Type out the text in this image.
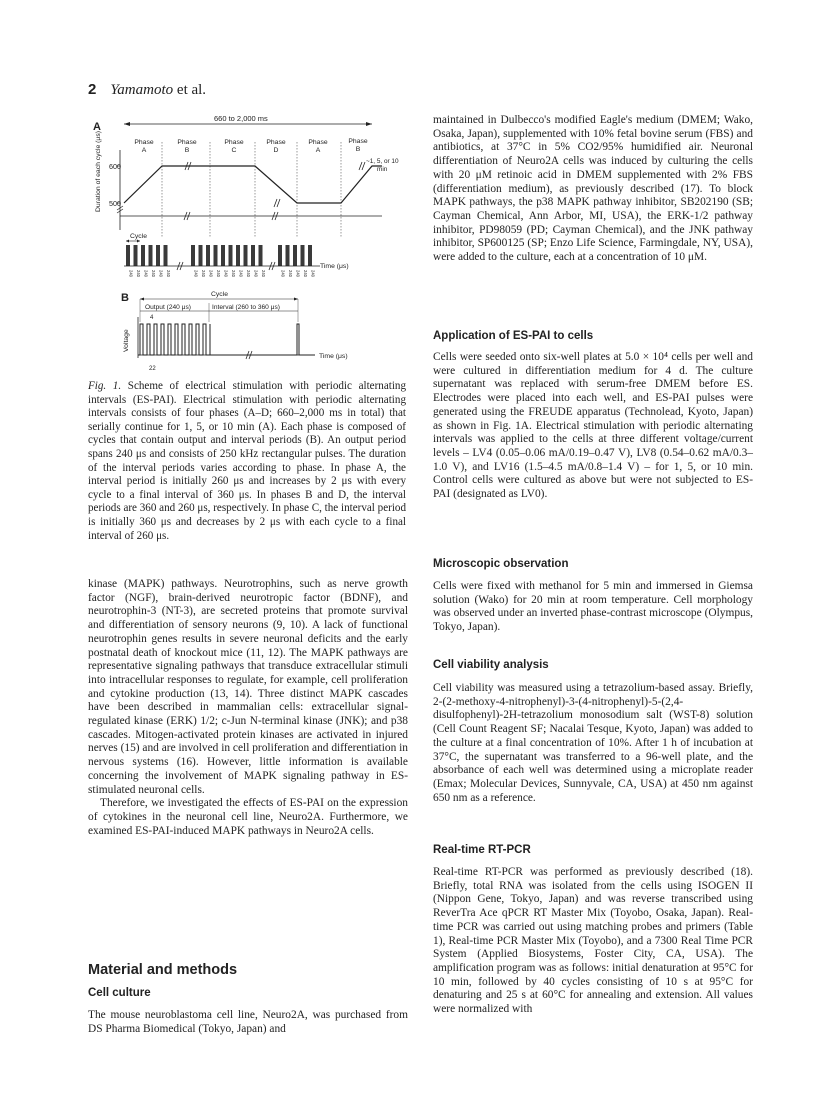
2 Yamamoto et al.
A
660 to 2,000 ms
Phase
A
Phase
B
Phase
C
Phase
D
Phase
A
Phase
B
Duration of each cycle (μs) 600
500
~1, 5, or 10
min
Cycle
Time (μs)
240 240 240 240 240 240	240 240 240 240 240 240 240 240 240 240	240 240 240 240 240
B	Cycle
Output (240 μs)	Interval (260 to 360 μs)
4
Voltage
Time (μs)
22
Fig. 1. Scheme of electrical stimulation with periodic alternating intervals (ES-PAI). Electrical stimulation with periodic alternating intervals consists of four phases (A–D; 660–2,000 ms in total) that serially continue for 1, 5, or 10 min (A). Each phase is composed of cycles that contain output and interval periods (B). An output period spans 240 μs and consists of 250 kHz rectangular pulses. The duration of the interval periods varies according to phase. In phase A, the interval period is initially 260 μs and increases by 2 μs with every cycle to a final interval of 360 μs. In phases B and D, the interval periods are 360 and 260 μs, respectively. In phase C, the interval period is initially 360 μs and decreases by 2 μs with each cycle to a final interval of 260 μs.

kinase (MAPK) pathways. Neurotrophins, such as nerve growth factor (NGF), brain-derived neurotropic factor (BDNF), and neurotrophin-3 (NT-3), are secreted proteins that promote survival and differentiation of sensory neurons (9, 10). A lack of functional neurotrophin genes results in severe neuronal deficits and the early postnatal death of knockout mice (11, 12). The MAPK pathways are representative signaling pathways that transduce extracellular stimuli into intracellular responses to regulate, for example, cell proliferation and cytokine production (13, 14). Three distinct MAPK cascades have been described in mammalian cells: extracellular signal-regulated kinase (ERK) 1/2; c-Jun N-terminal kinase (JNK); and p38 cascades. Mitogen-activated protein kinases are activated in injured nerves (15) and are involved in cell proliferation and differentiation in nervous systems (16). However, little information is available concerning the involvement of MAPK signaling pathway in ES-stimulated neuronal cells.

Therefore, we investigated the effects of ES-PAI on the expression of cytokines in the neuronal cell line, Neuro2A. Furthermore, we examined ES-PAI-induced MAPK pathways in Neuro2A cells.

Material and methods
Cell culture

The mouse neuroblastoma cell line, Neuro2A, was purchased from DS Pharma Biomedical (Tokyo, Japan) and

maintained in Dulbecco's modified Eagle's medium (DMEM; Wako, Osaka, Japan), supplemented with 10% fetal bovine serum (FBS) and antibiotics, at 37°C in 5% CO2/95% humidified air. Neuronal differentiation of Neuro2A cells was induced by culturing the cells with 20 μM retinoic acid in DMEM supplemented with 2% FBS (differentiation medium), as previously described (17). To block MAPK pathways, the p38 MAPK pathway inhibitor, SB202190 (SB; Cayman Chemical, Ann Arbor, MI, USA), the ERK-1/2 pathway inhibitor, PD98059 (PD; Cayman Chemical), and the JNK pathway inhibitor, SP600125 (SP; Enzo Life Science, Farmingdale, NY, USA), were added to the culture, each at a concentration of 10 μM.

Application of ES-PAI to cells

Cells were seeded onto six-well plates at 5.0 × 10⁴ cells per well and were cultured in differentiation medium for 4 d. The culture supernatant was replaced with serum-free DMEM before ES. Electrodes were placed into each well, and ES-PAI pulses were generated using the FREUDE apparatus (Technolead, Kyoto, Japan) as shown in Fig. 1A. Electrical stimulation with periodic alternating intervals was applied to the cells at three different voltage/current levels – LV4 (0.05–0.06 mA/0.19–0.47 V), LV8 (0.54–0.62 mA/0.3–1.0 V), and LV16 (1.5–4.5 mA/0.8–1.4 V) – for 1, 5, or 10 min. Control cells were cultured as above but were not subjected to ES-PAI (designated as LV0).

Microscopic observation

Cells were fixed with methanol for 5 min and immersed in Giemsa solution (Wako) for 20 min at room temperature. Cell morphology was observed under an inverted phase-contrast microscope (Olympus, Tokyo, Japan).

Cell viability analysis

Cell viability was measured using a tetrazolium-based assay. Briefly, 2-(2-methoxy-4-nitrophenyl)-3-(4-nitrophenyl)-5-(2,4-disulfophenyl)-2H-tetrazolium monosodium salt (WST-8) solution (Cell Count Reagent SF; Nacalai Tesque, Kyoto, Japan) was added to the culture at a final concentration of 10%. After 1 h of incubation at 37°C, the supernatant was transferred to a 96-well plate, and the absorbance of each well was determined using a microplate reader (Emax; Molecular Devices, Sunnyvale, CA, USA) at 450 nm against 650 nm as a reference.

Real-time RT-PCR

Real-time RT-PCR was performed as previously described (18). Briefly, total RNA was isolated from the cells using ISOGEN II (Nippon Gene, Tokyo, Japan) and was reverse transcribed using ReverTra Ace qPCR RT Master Mix (Toyobo, Osaka, Japan). Real-time PCR was carried out using matching probes and primers (Table 1), Real-time PCR Master Mix (Toyobo), and a 7300 Real Time PCR System (Applied Biosystems, Foster City, CA, USA). The amplification program was as follows: initial denaturation at 95°C for 10 min, followed by 40 cycles consisting of 10 s at 95°C for denaturing and 25 s at 60°C for annealing and extension. All values were normalized with
